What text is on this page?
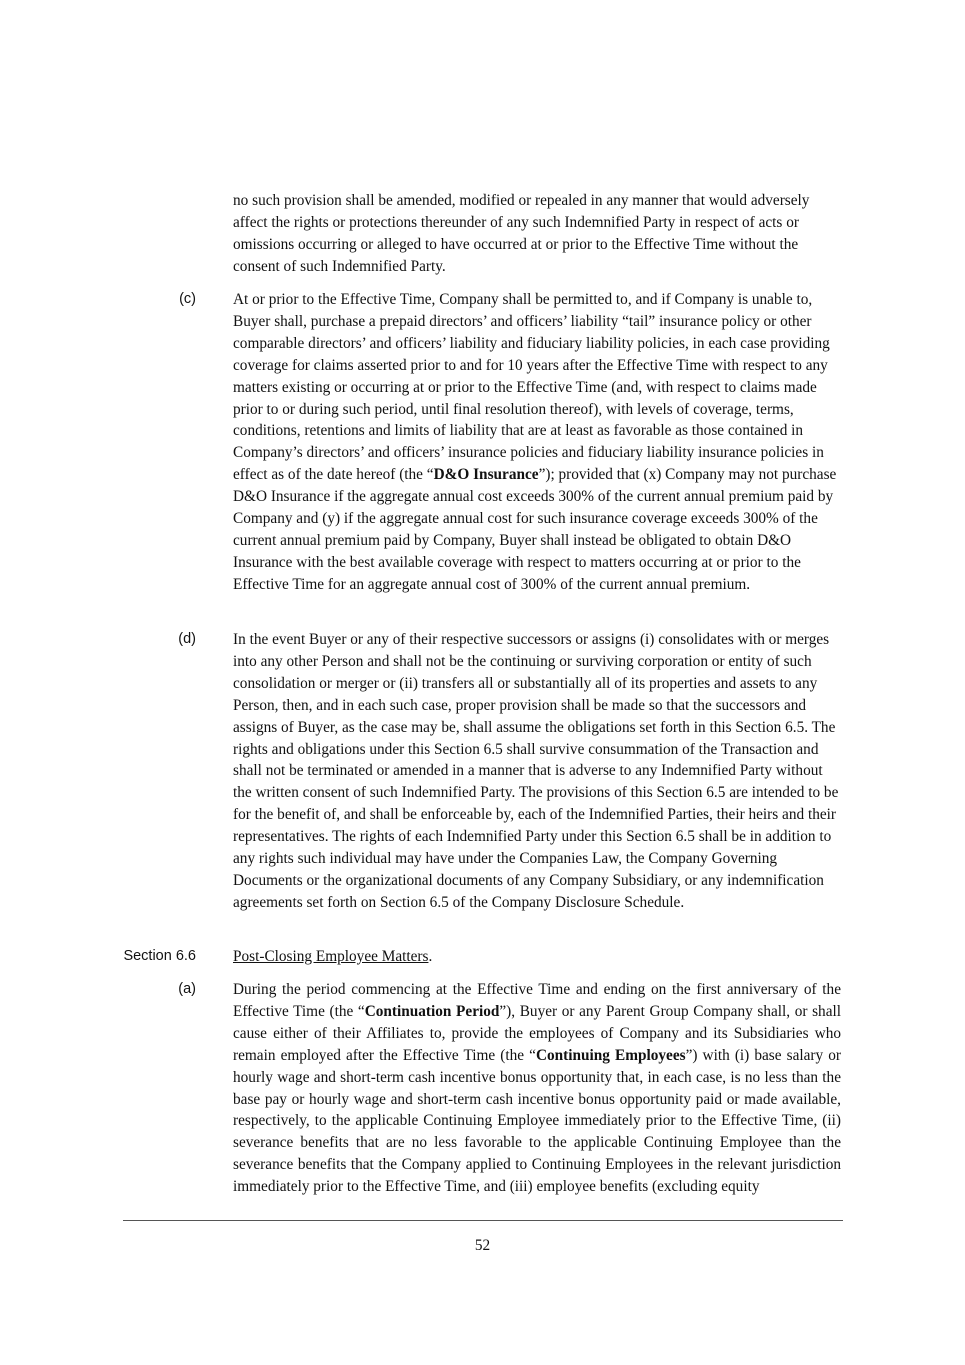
no such provision shall be amended, modified or repealed in any manner that would adversely affect the rights or protections thereunder of any such Indemnified Party in respect of acts or omissions occurring or alleged to have occurred at or prior to the Effective Time without the consent of such Indemnified Party.

(c) At or prior to the Effective Time, Company shall be permitted to, and if Company is unable to, Buyer shall, purchase a prepaid directors’ and officers’ liability “tail” insurance policy or other comparable directors’ and officers’ liability and fiduciary liability policies, in each case providing coverage for claims asserted prior to and for 10 years after the Effective Time with respect to any matters existing or occurring at or prior to the Effective Time (and, with respect to claims made prior to or during such period, until final resolution thereof), with levels of coverage, terms, conditions, retentions and limits of liability that are at least as favorable as those contained in Company’s directors’ and officers’ insurance policies and fiduciary liability insurance policies in effect as of the date hereof (the “D&O Insurance”); provided that (x) Company may not purchase D&O Insurance if the aggregate annual cost exceeds 300% of the current annual premium paid by Company and (y) if the aggregate annual cost for such insurance coverage exceeds 300% of the current annual premium paid by Company, Buyer shall instead be obligated to obtain D&O Insurance with the best available coverage with respect to matters occurring at or prior to the Effective Time for an aggregate annual cost of 300% of the current annual premium.

(d) In the event Buyer or any of their respective successors or assigns (i) consolidates with or merges into any other Person and shall not be the continuing or surviving corporation or entity of such consolidation or merger or (ii) transfers all or substantially all of its properties and assets to any Person, then, and in each such case, proper provision shall be made so that the successors and assigns of Buyer, as the case may be, shall assume the obligations set forth in this Section 6.5. The rights and obligations under this Section 6.5 shall survive consummation of the Transaction and shall not be terminated or amended in a manner that is adverse to any Indemnified Party without the written consent of such Indemnified Party. The provisions of this Section 6.5 are intended to be for the benefit of, and shall be enforceable by, each of the Indemnified Parties, their heirs and their representatives. The rights of each Indemnified Party under this Section 6.5 shall be in addition to any rights such individual may have under the Companies Law, the Company Governing Documents or the organizational documents of any Company Subsidiary, or any indemnification agreements set forth on Section 6.5 of the Company Disclosure Schedule.

Section 6.6 Post-Closing Employee Matters.

(a) During the period commencing at the Effective Time and ending on the first anniversary of the Effective Time (the “Continuation Period”), Buyer or any Parent Group Company shall, or shall cause either of their Affiliates to, provide the employees of Company and its Subsidiaries who remain employed after the Effective Time (the “Continuing Employees”) with (i) base salary or hourly wage and short-term cash incentive bonus opportunity that, in each case, is no less than the base pay or hourly wage and short-term cash incentive bonus opportunity paid or made available, respectively, to the applicable Continuing Employee immediately prior to the Effective Time, (ii) severance benefits that are no less favorable to the applicable Continuing Employee than the severance benefits that the Company applied to Continuing Employees in the relevant jurisdiction immediately prior to the Effective Time, and (iii) employee benefits (excluding equity

52
